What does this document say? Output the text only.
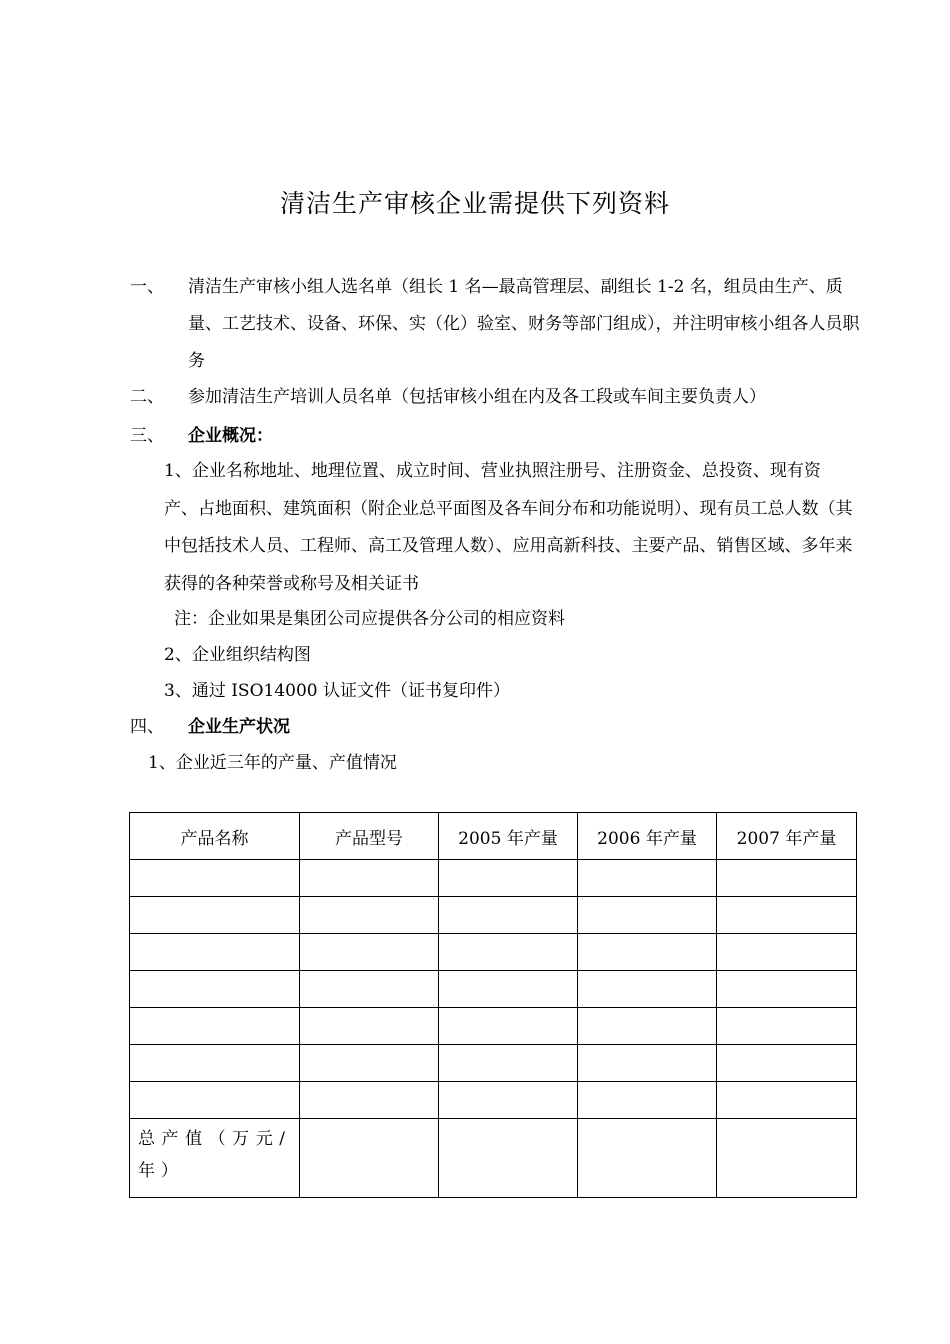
清洁生产审核企业需提供下列资料
一、	清洁生产审核小组人选名单（组长 1 名—最高管理层、副组长 1-2 名，组员由生产、质量、工艺技术、设备、环保、实（化）验室、财务等部门组成），并注明审核小组各人员职务
二、	参加清洁生产培训人员名单（包括审核小组在内及各工段或车间主要负责人）
三、	企业概况：
1、企业名称地址、地理位置、成立时间、营业执照注册号、注册资金、总投资、现有资产、占地面积、建筑面积（附企业总平面图及各车间分布和功能说明）、现有员工总人数（其中包括技术人员、工程师、高工及管理人数）、应用高新科技、主要产品、销售区域、多年来获得的各种荣誉或称号及相关证书
注：企业如果是集团公司应提供各分公司的相应资料
2、企业组织结构图
3、通过 ISO14000 认证文件（证书复印件）
四、	企业生产状况
1、企业近三年的产量、产值情况
产品名称	产品型号	2005 年产量	2006 年产量	2007 年产量

总产值（万元/年）				
